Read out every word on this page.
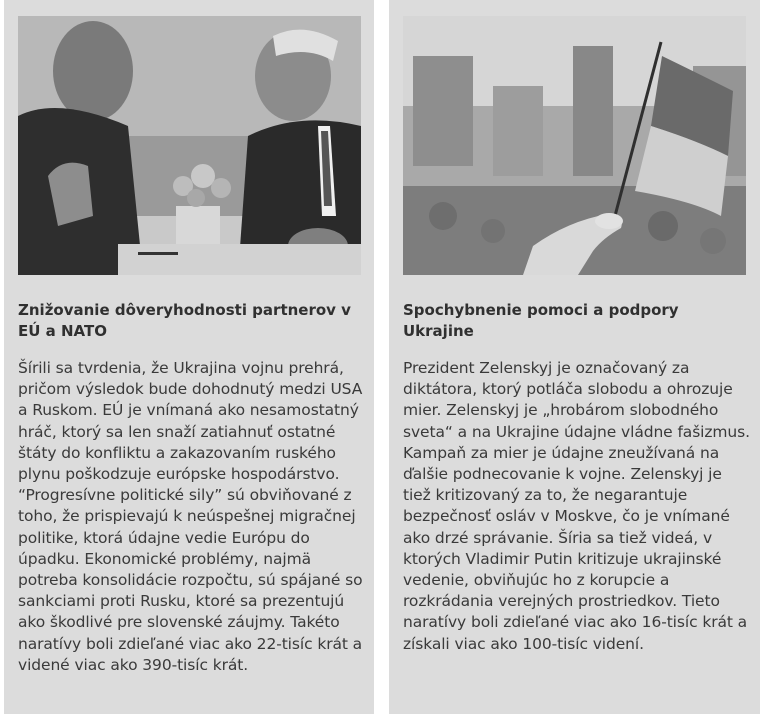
Znižovanie dôveryhodnosti partnerov v EÚ a NATO

Šírili sa tvrdenia, že Ukrajina vojnu prehrá, pričom výsledok bude dohodnutý medzi USA a Ruskom. EÚ je vnímaná ako nesamostatný hráč, ktorý sa len snaží zatiahnuť ostatné štáty do konfliktu a zakazovaním ruského plynu poškodzuje európske hospodárstvo. “Progresívne politické sily” sú obviňované z toho, že prispievajú k neúspešnej migračnej politike, ktorá údajne vedie Európu do úpadku. Ekonomické problémy, najmä potreba konsolidácie rozpočtu, sú spájané so sankciami proti Rusku, ktoré sa prezentujú ako škodlivé pre slovenské záujmy. Takéto naratívy boli zdieľané viac ako 22-tisíc krát a videné viac ako 390-tisíc krát.

Spochybnenie pomoci a podpory Ukrajine

Prezident Zelenskyj je označovaný za diktátora, ktorý potláča slobodu a ohrozuje mier. Zelenskyj je „hrobárom slobodného sveta“ a na Ukrajine údajne vládne fašizmus. Kampaň za mier je údajne zneužívaná na ďalšie podnecovanie k vojne. Zelenskyj je tiež kritizovaný za to, že negarantuje bezpečnosť osláv v Moskve, čo je vnímané ako drzé správanie. Šíria sa tiež videá, v ktorých Vladimir Putin kritizuje ukrajinské vedenie, obviňujúc ho z korupcie a rozkrádania verejných prostriedkov. Tieto naratívy boli zdieľané viac ako 16-tisíc krát a získali viac ako 100-tisíc videní.
